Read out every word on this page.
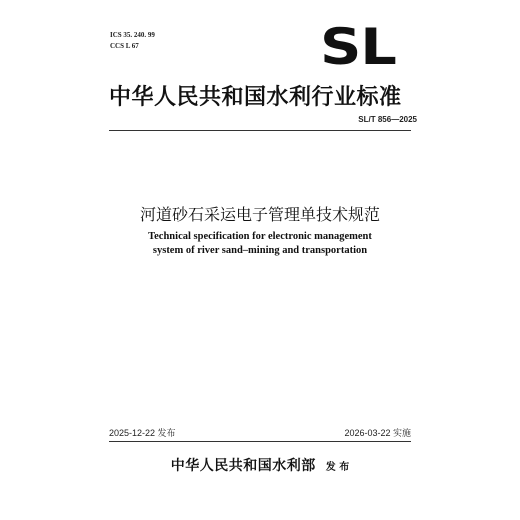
ICS 35. 240. 99
CCS L 67	SL
中华人民共和国水利行业标准
SL/T 856—2025
河道砂石采运电子管理单技术规范
Technical specification for electronic management
system of river sand–mining and transportation
2025-12-22 发布	2026-03-22 实施
中华人民共和国水利部 发 布
